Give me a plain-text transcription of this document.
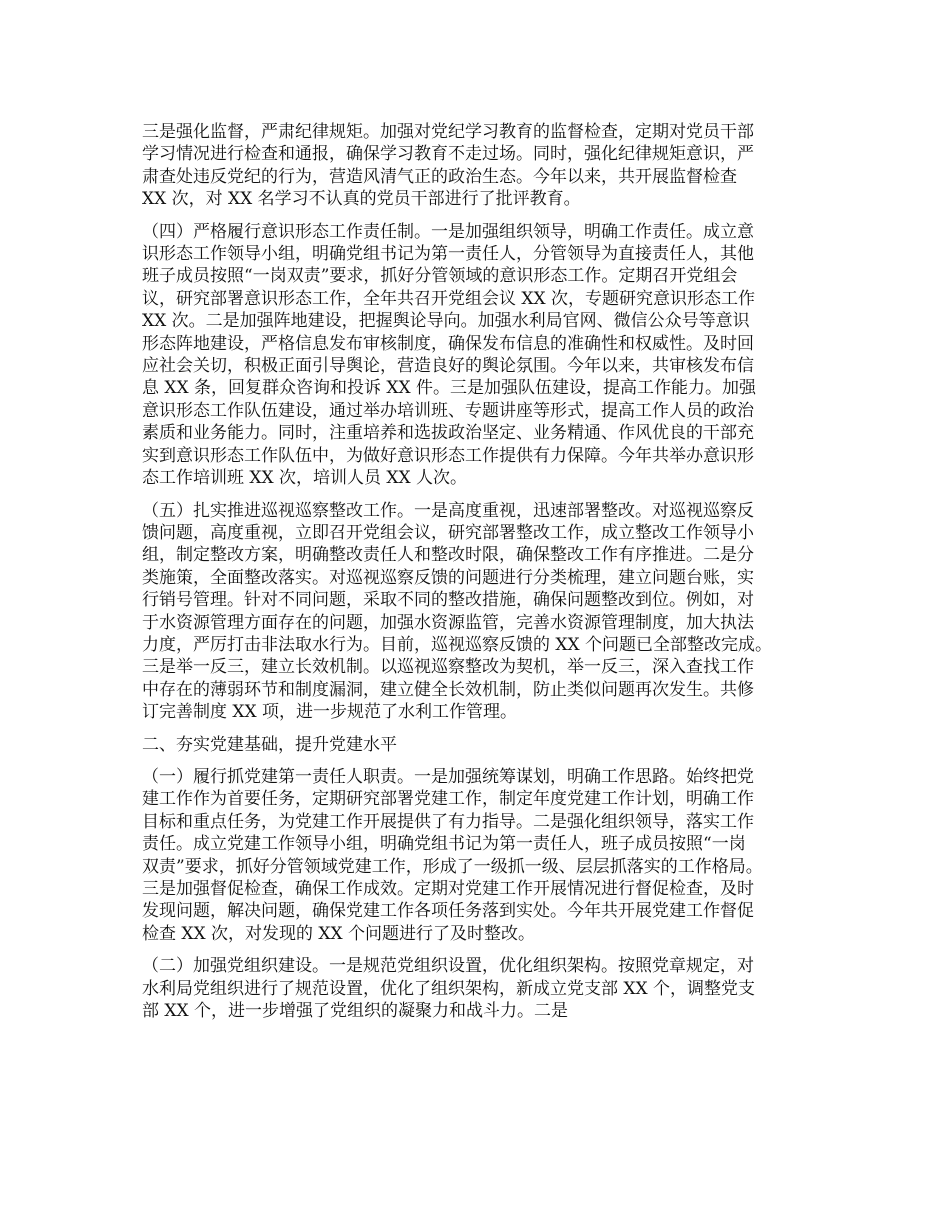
三是强化监督，严肃纪律规矩。加强对党纪学习教育的监督检查，定期对党员干部
学习情况进行检查和通报，确保学习教育不走过场。同时，强化纪律规矩意识，严
肃查处违反党纪的行为，营造风清气正的政治生态。今年以来，共开展监督检查
XX 次，对 XX 名学习不认真的党员干部进行了批评教育。

（四）严格履行意识形态工作责任制。一是加强组织领导，明确工作责任。成立意
识形态工作领导小组，明确党组书记为第一责任人，分管领导为直接责任人，其他
班子成员按照“一岗双责”要求，抓好分管领域的意识形态工作。定期召开党组会
议，研究部署意识形态工作，全年共召开党组会议 XX 次，专题研究意识形态工作
XX 次。二是加强阵地建设，把握舆论导向。加强水利局官网、微信公众号等意识
形态阵地建设，严格信息发布审核制度，确保发布信息的准确性和权威性。及时回
应社会关切，积极正面引导舆论，营造良好的舆论氛围。今年以来，共审核发布信
息 XX 条，回复群众咨询和投诉 XX 件。三是加强队伍建设，提高工作能力。加强
意识形态工作队伍建设，通过举办培训班、专题讲座等形式，提高工作人员的政治
素质和业务能力。同时，注重培养和选拔政治坚定、业务精通、作风优良的干部充
实到意识形态工作队伍中，为做好意识形态工作提供有力保障。今年共举办意识形
态工作培训班 XX 次，培训人员 XX 人次。

（五）扎实推进巡视巡察整改工作。一是高度重视，迅速部署整改。对巡视巡察反
馈问题，高度重视，立即召开党组会议，研究部署整改工作，成立整改工作领导小
组，制定整改方案，明确整改责任人和整改时限，确保整改工作有序推进。二是分
类施策，全面整改落实。对巡视巡察反馈的问题进行分类梳理，建立问题台账，实
行销号管理。针对不同问题，采取不同的整改措施，确保问题整改到位。例如，对
于水资源管理方面存在的问题，加强水资源监管，完善水资源管理制度，加大执法
力度，严厉打击非法取水行为。目前，巡视巡察反馈的 XX 个问题已全部整改完成。
三是举一反三，建立长效机制。以巡视巡察整改为契机，举一反三，深入查找工作
中存在的薄弱环节和制度漏洞，建立健全长效机制，防止类似问题再次发生。共修
订完善制度 XX 项，进一步规范了水利工作管理。

二、夯实党建基础，提升党建水平

（一）履行抓党建第一责任人职责。一是加强统筹谋划，明确工作思路。始终把党
建工作作为首要任务，定期研究部署党建工作，制定年度党建工作计划，明确工作
目标和重点任务，为党建工作开展提供了有力指导。二是强化组织领导，落实工作
责任。成立党建工作领导小组，明确党组书记为第一责任人，班子成员按照“一岗
双责”要求，抓好分管领域党建工作，形成了一级抓一级、层层抓落实的工作格局。
三是加强督促检查，确保工作成效。定期对党建工作开展情况进行督促检查，及时
发现问题，解决问题，确保党建工作各项任务落到实处。今年共开展党建工作督促
检查 XX 次，对发现的 XX 个问题进行了及时整改。

（二）加强党组织建设。一是规范党组织设置，优化组织架构。按照党章规定，对
水利局党组织进行了规范设置，优化了组织架构，新成立党支部 XX 个，调整党支
部 XX 个，进一步增强了党组织的凝聚力和战斗力。二是
